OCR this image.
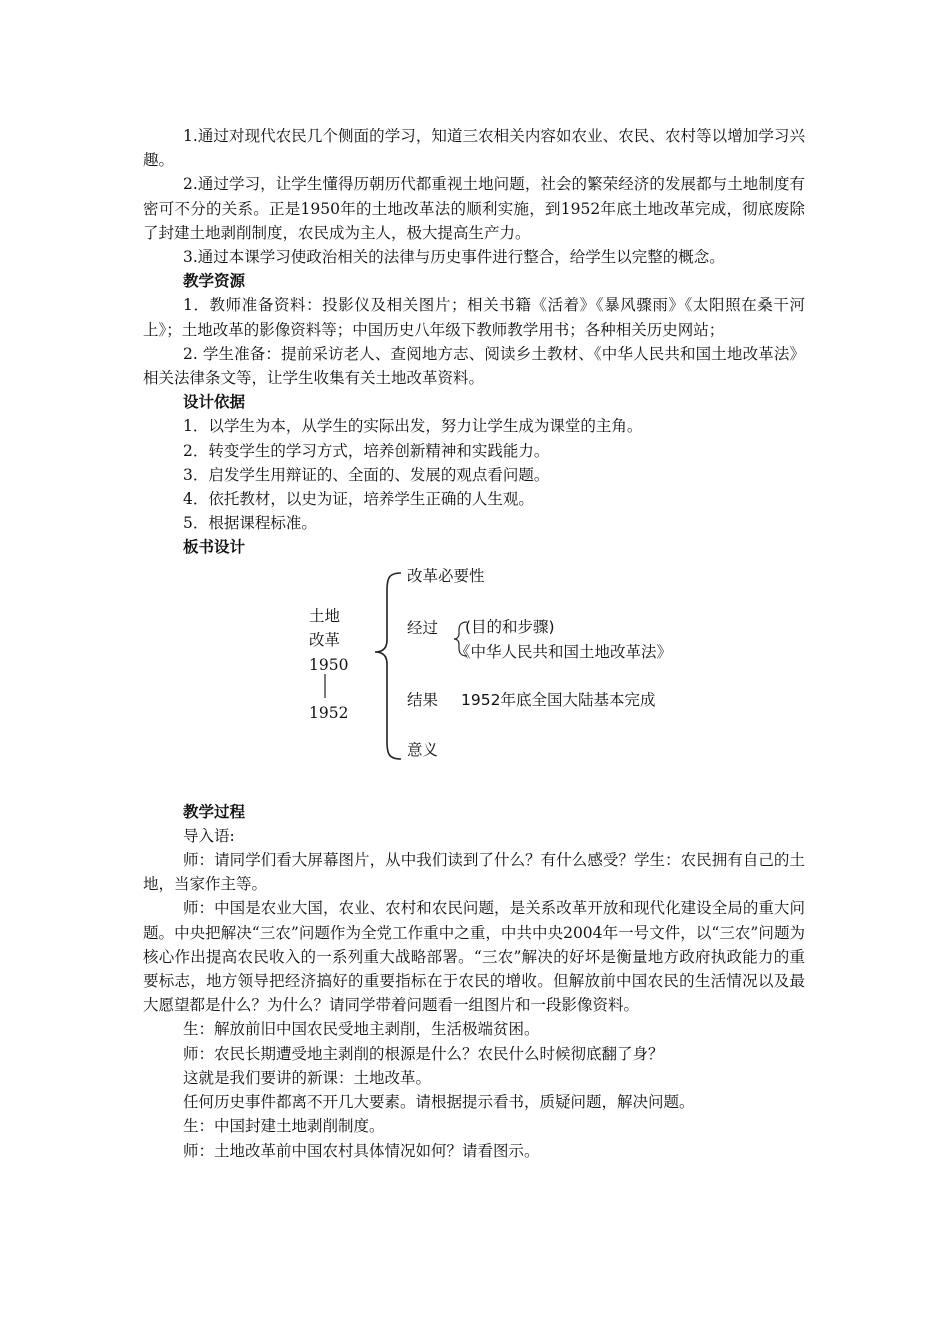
1.通过对现代农民几个侧面的学习，知道三农相关内容如农业、农民、农村等以增加学习兴趣。

2.通过学习，让学生懂得历朝历代都重视土地问题，社会的繁荣经济的发展都与土地制度有密可不分的关系。正是1950年的土地改革法的顺利实施，到1952年底土地改革完成，彻底废除了封建土地剥削制度，农民成为主人，极大提高生产力。

3.通过本课学习使政治相关的法律与历史事件进行整合，给学生以完整的概念。

教学资源

1．教师准备资料：投影仪及相关图片；相关书籍《活着》《暴风骤雨》《太阳照在桑干河上》；土地改革的影像资料等；中国历史八年级下教师教学用书；各种相关历史网站；

2. 学生准备：提前采访老人、查阅地方志、阅读乡土教材、《中华人民共和国土地改革法》相关法律条文等，让学生收集有关土地改革资料。

设计依据

1．以学生为本，从学生的实际出发，努力让学生成为课堂的主角。

2．转变学生的学习方式，培养创新精神和实践能力。

3．启发学生用辩证的、全面的、发展的观点看问题。

4．依托教材，以史为证，培养学生正确的人生观。

5．根据课程标准。

板书设计
土地
改革
1950
1952
改革必要性
经过 (目的和步骤)
《中华人民共和国土地改革法》
结果 1952年底全国大陆基本完成
意义
教学过程

导入语:

师：请同学们看大屏幕图片，从中我们读到了什么？有什么感受？学生：农民拥有自己的土地，当家作主等。

师：中国是农业大国，农业、农村和农民问题，是关系改革开放和现代化建设全局的重大问题。中央把解决“三农”问题作为全党工作重中之重，中共中央2004年一号文件，以“三农”问题为核心作出提高农民收入的一系列重大战略部署。“三农”解决的好坏是衡量地方政府执政能力的重要标志，地方领导把经济搞好的重要指标在于农民的增收。但解放前中国农民的生活情况以及最大愿望都是什么？为什么？请同学带着问题看一组图片和一段影像资料。

生：解放前旧中国农民受地主剥削，生活极端贫困。

师：农民长期遭受地主剥削的根源是什么？农民什么时候彻底翻了身？

这就是我们要讲的新课：土地改革。

任何历史事件都离不开几大要素。请根据提示看书，质疑问题，解决问题。

生：中国封建土地剥削制度。

师：土地改革前中国农村具体情况如何？请看图示。
